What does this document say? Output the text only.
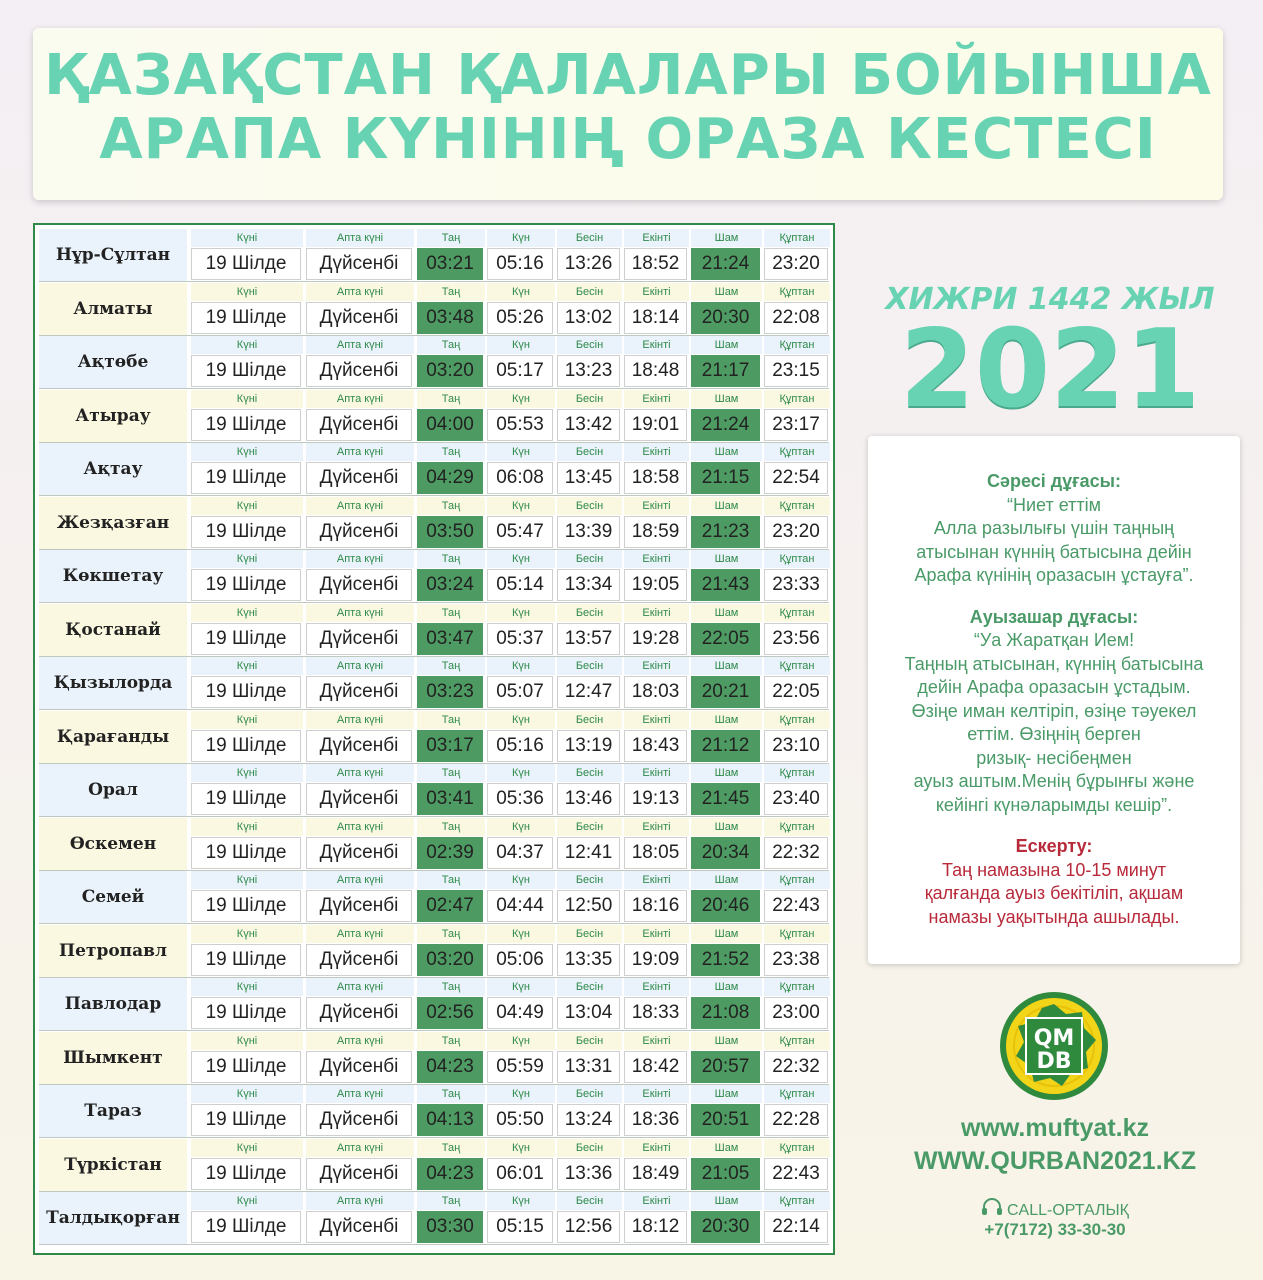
ҚАЗАҚСТАН ҚАЛАЛАРЫ БОЙЫНША
АРАПА КҮНІНІҢ ОРАЗА КЕСТЕСІ
Нұр-Сұлтан
Күні
19 Шілде
Апта күні
Дүйсенбі
Таң
03:21
Күн
05:16
Бесін
13:26
Екінті
18:52
Шам
21:24
Құптан
23:20
Алматы
Күні
19 Шілде
Апта күні
Дүйсенбі
Таң
03:48
Күн
05:26
Бесін
13:02
Екінті
18:14
Шам
20:30
Құптан
22:08
Ақтөбе
Күні
19 Шілде
Апта күні
Дүйсенбі
Таң
03:20
Күн
05:17
Бесін
13:23
Екінті
18:48
Шам
21:17
Құптан
23:15
Атырау
Күні
19 Шілде
Апта күні
Дүйсенбі
Таң
04:00
Күн
05:53
Бесін
13:42
Екінті
19:01
Шам
21:24
Құптан
23:17
Ақтау
Күні
19 Шілде
Апта күні
Дүйсенбі
Таң
04:29
Күн
06:08
Бесін
13:45
Екінті
18:58
Шам
21:15
Құптан
22:54
Жезқазған
Күні
19 Шілде
Апта күні
Дүйсенбі
Таң
03:50
Күн
05:47
Бесін
13:39
Екінті
18:59
Шам
21:23
Құптан
23:20
Көкшетау
Күні
19 Шілде
Апта күні
Дүйсенбі
Таң
03:24
Күн
05:14
Бесін
13:34
Екінті
19:05
Шам
21:43
Құптан
23:33
Қостанай
Күні
19 Шілде
Апта күні
Дүйсенбі
Таң
03:47
Күн
05:37
Бесін
13:57
Екінті
19:28
Шам
22:05
Құптан
23:56
Қызылорда
Күні
19 Шілде
Апта күні
Дүйсенбі
Таң
03:23
Күн
05:07
Бесін
12:47
Екінті
18:03
Шам
20:21
Құптан
22:05
Қарағанды
Күні
19 Шілде
Апта күні
Дүйсенбі
Таң
03:17
Күн
05:16
Бесін
13:19
Екінті
18:43
Шам
21:12
Құптан
23:10
Орал
Күні
19 Шілде
Апта күні
Дүйсенбі
Таң
03:41
Күн
05:36
Бесін
13:46
Екінті
19:13
Шам
21:45
Құптан
23:40
Өскемен
Күні
19 Шілде
Апта күні
Дүйсенбі
Таң
02:39
Күн
04:37
Бесін
12:41
Екінті
18:05
Шам
20:34
Құптан
22:32
Семей
Күні
19 Шілде
Апта күні
Дүйсенбі
Таң
02:47
Күн
04:44
Бесін
12:50
Екінті
18:16
Шам
20:46
Құптан
22:43
Петропавл
Күні
19 Шілде
Апта күні
Дүйсенбі
Таң
03:20
Күн
05:06
Бесін
13:35
Екінті
19:09
Шам
21:52
Құптан
23:38
Павлодар
Күні
19 Шілде
Апта күні
Дүйсенбі
Таң
02:56
Күн
04:49
Бесін
13:04
Екінті
18:33
Шам
21:08
Құптан
23:00
Шымкент
Күні
19 Шілде
Апта күні
Дүйсенбі
Таң
04:23
Күн
05:59
Бесін
13:31
Екінті
18:42
Шам
20:57
Құптан
22:32
Тараз
Күні
19 Шілде
Апта күні
Дүйсенбі
Таң
04:13
Күн
05:50
Бесін
13:24
Екінті
18:36
Шам
20:51
Құптан
22:28
Түркістан
Күні
19 Шілде
Апта күні
Дүйсенбі
Таң
04:23
Күн
06:01
Бесін
13:36
Екінті
18:49
Шам
21:05
Құптан
22:43
Талдықорған
Күні
19 Шілде
Апта күні
Дүйсенбі
Таң
03:30
Күн
05:15
Бесін
12:56
Екінті
18:12
Шам
20:30
Құптан
22:14
ХИЖРИ 1442 ЖЫЛ
2021
Сәресі дұғасы:
“Ниет еттім
Алла разылығы үшін таңның
атысынан күннің батысына дейін
Арафа күнінің оразасын ұстауға”.
Ауызашар дұғасы:
“Уа Жаратқан Ием!
Таңның атысынан, күннің батысына
дейін Арафа оразасын ұстадым.
Өзіңе иман келтіріп, өзіңе тәуекел
еттім. Өзіңнің берген
ризық- несібеңмен
ауыз аштым.Менің бұрынғы және
кейінгі күнәларымды кешір”.
Ескерту:
Таң намазына 10-15 минут
қалғанда ауыз бекітіліп, ақшам
намазы уақытында ашылады.
QM
DB
www.muftyat.kz
WWW.QURBAN2021.KZ
CALL-ОРТАЛЫҚ
+7(7172) 33-30-30
